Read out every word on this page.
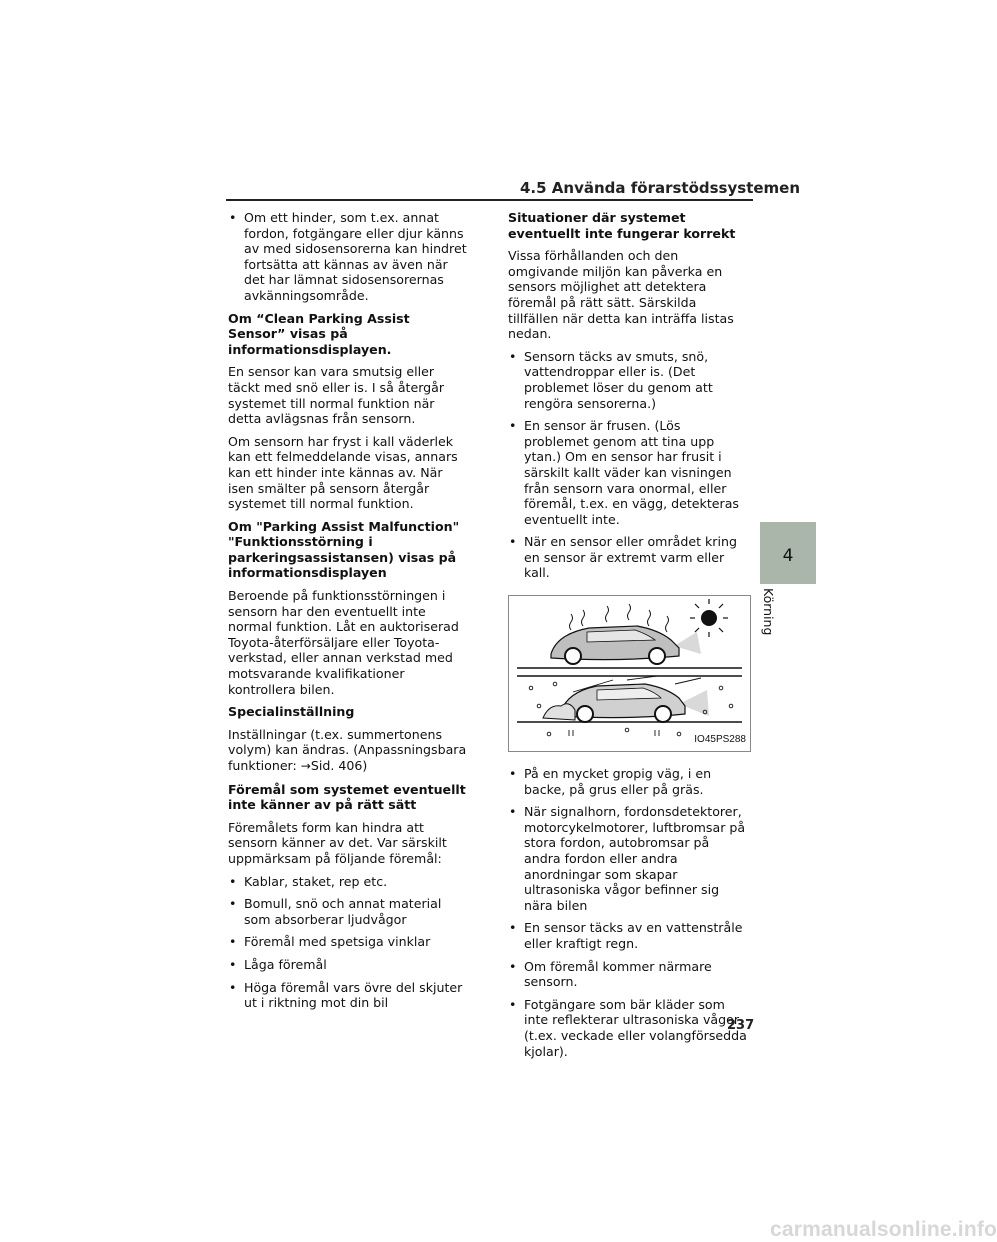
4.5 Använda förarstödssystemen
• Om ett hinder, som t.ex. annat fordon, fotgängare eller djur känns av med sidosensorerna kan hindret fortsätta att kännas av även när det har lämnat sidosensorernas avkänningsområde.
Om “Clean Parking Assist Sensor” visas på informationsdisplayen.
En sensor kan vara smutsig eller täckt med snö eller is. I så återgår systemet till normal funktion när detta avlägsnas från sensorn.
Om sensorn har fryst i kall väderlek kan ett felmeddelande visas, annars kan ett hinder inte kännas av. När isen smälter på sensorn återgår systemet till normal funktion.
Om "Parking Assist Malfunction" "Funktionsstörning i parkeringsassistansen) visas på informationsdisplayen
Beroende på funktionsstörningen i sensorn har den eventuellt inte normal funktion. Låt en auktoriserad Toyota-återförsäljare eller Toyota-verkstad, eller annan verkstad med motsvarande kvalifikationer kontrollera bilen.
Specialinställning
Inställningar (t.ex. summertonens volym) kan ändras. (Anpassningsbara funktioner: →Sid. 406)
Föremål som systemet eventuellt inte känner av på rätt sätt
Föremålets form kan hindra att sensorn känner av det. Var särskilt uppmärksam på följande föremål:
• Kablar, staket, rep etc.
• Bomull, snö och annat material som absorberar ljudvågor
• Föremål med spetsiga vinklar
• Låga föremål
• Höga föremål vars övre del skjuter ut i riktning mot din bil
Situationer där systemet eventuellt inte fungerar korrekt
Vissa förhållanden och den omgivande miljön kan påverka en sensors möjlighet att detektera föremål på rätt sätt. Särskilda tillfällen när detta kan inträffa listas nedan.
• Sensorn täcks av smuts, snö, vattendroppar eller is. (Det problemet löser du genom att rengöra sensorerna.)
• En sensor är frusen. (Lös problemet genom att tina upp ytan.) Om en sensor har frusit i särskilt kallt väder kan visningen från sensorn vara onormal, eller föremål, t.ex. en vägg, detekteras eventuellt inte.
• När en sensor eller området kring en sensor är extremt varm eller kall.
IO45PS288
• På en mycket gropig väg, i en backe, på grus eller på gräs.
• När signalhorn, fordonsdetektorer, motorcykelmotorer, luftbromsar på stora fordon, autobromsar på andra fordon eller andra anordningar som skapar ultrasoniska vågor befinner sig nära bilen
• En sensor täcks av en vattenstråle eller kraftigt regn.
• Om föremål kommer närmare sensorn.
• Fotgängare som bär kläder som inte reflekterar ultrasoniska vågor (t.ex. veckade eller volangförsedda kjolar).
4
Körning
237
carmanualsonline.info
